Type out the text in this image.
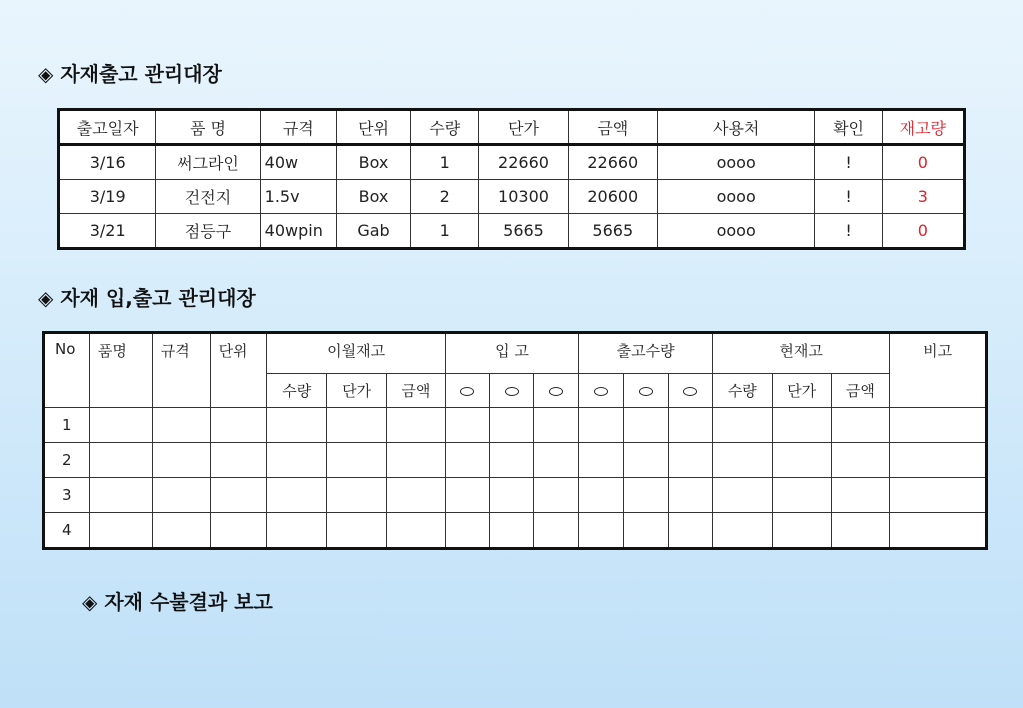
◈ 자재출고 관리대장
출고일자	품 명	규격	단위	수량	단가	금액	사용처	확인	재고량
3/16	써그라인	40w	Box	1	22660	22660	oooo	!	0
3/19	건전지	1.5v	Box	2	10300	20600	oooo	!	3
3/21	점등구	40wpin	Gab	1	5665	5665	oooo	!	0
◈ 자재 입,출고 관리대장
No	품명	규격	단위	이월재고			입 고			출고수량			현재고			비고
				수량	단가	금액							수량	단가	금액	
1																
2																
3																
4																
◈ 자재 수불결과 보고
